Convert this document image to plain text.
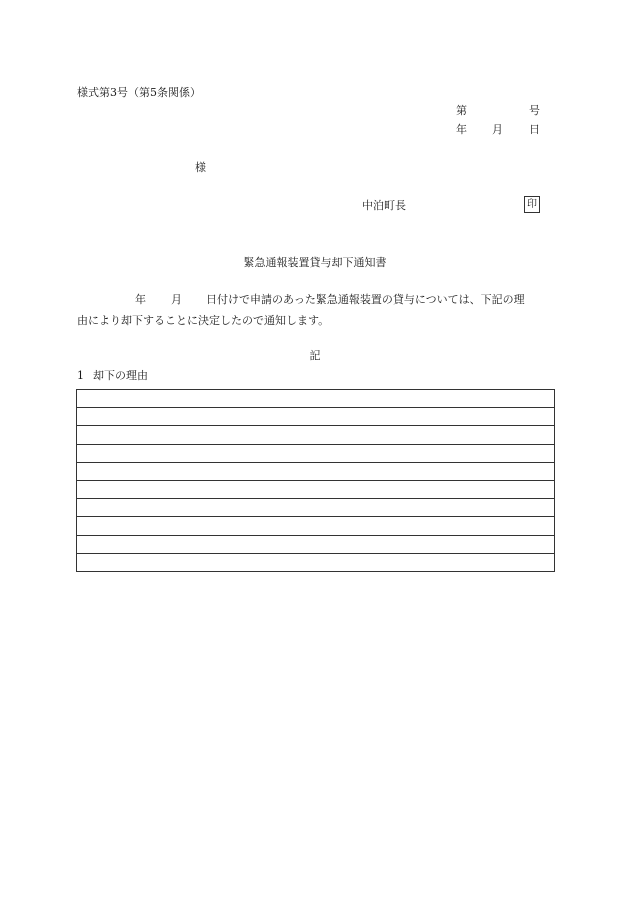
様式第3号（第5条関係）
第	号
年 月 日
様
中泊町長	印
緊急通報装置貸与却下通知書
年 月 日付けで申請のあった緊急通報装置の貸与については、下記の理
由により却下することに決定したので通知します。
記
1 却下の理由
